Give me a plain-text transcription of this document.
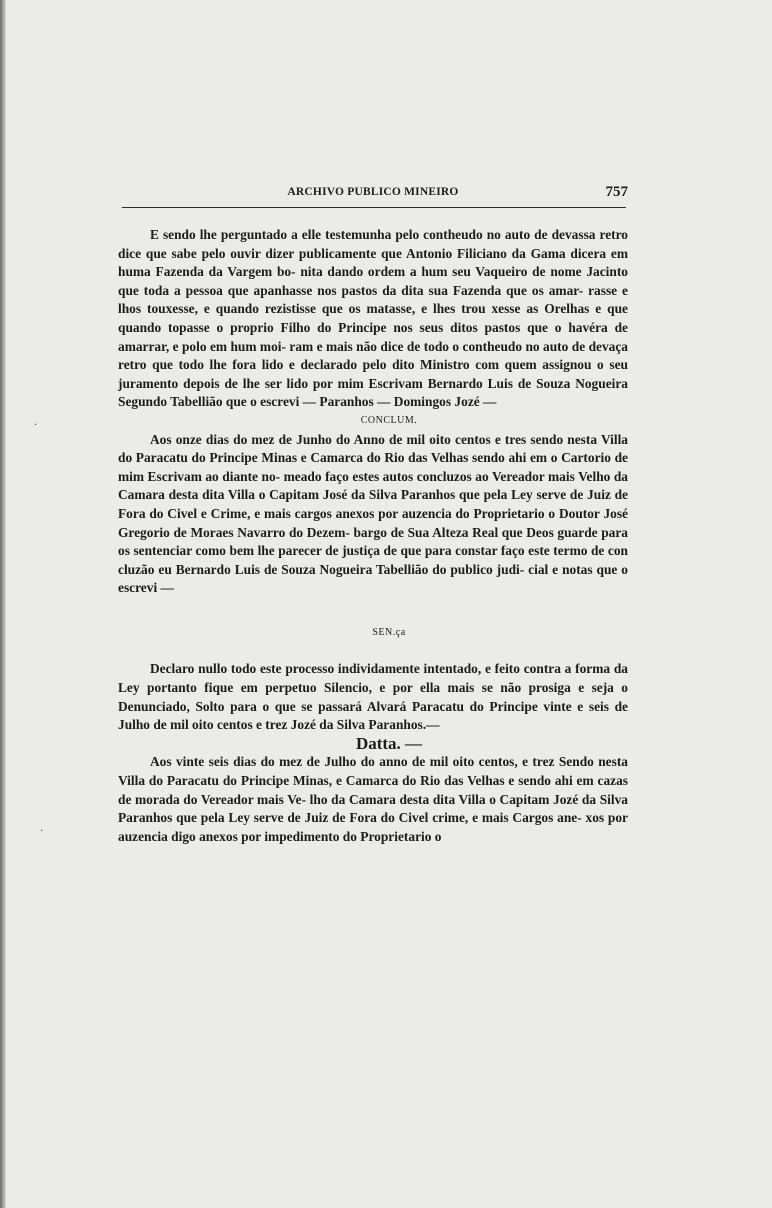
ARCHIVO PUBLICO MINEIRO	757
·
·

E sendo lhe perguntado a elle testemunha pelo contheudo no auto de devassa retro dice que sabe pelo ouvir dizer publicamente que Antonio Filiciano da Gama dicera em huma Fazenda da Vargem bo- nita dando ordem a hum seu Vaqueiro de nome Jacinto que toda a pessoa que apanhasse nos pastos da dita sua Fazenda que os amar- rasse e lhos touxesse, e quando rezistisse que os matasse, e lhes trou xesse as Orelhas e que quando topasse o proprio Filho do Principe nos seus ditos pastos que o havéra de amarrar, e polo em hum moi- ram e mais não dice de todo o contheudo no auto de devaça retro que todo lhe fora lido e declarado pelo dito Ministro com quem assignou o seu juramento depois de lhe ser lido por mim Escrivam Bernardo Luis de Souza Nogueira Segundo Tabellião que o escrevi — Paranhos — Domingos Jozé —

CONCLUM.

Aos onze dias do mez de Junho do Anno de mil oito centos e tres sendo nesta Villa do Paracatu do Principe Minas e Camarca do Rio das Velhas sendo ahi em o Cartorio de mim Escrivam ao diante no- meado faço estes autos concluzos ao Vereador mais Velho da Camara desta dita Villa o Capitam José da Silva Paranhos que pela Ley serve de Juiz de Fora do Civel e Crime, e mais cargos anexos por auzencia do Proprietario o Doutor José Gregorio de Moraes Navarro do Dezem- bargo de Sua Alteza Real que Deos guarde para os sentenciar como bem lhe parecer de justiça de que para constar faço este termo de con cluzão eu Bernardo Luis de Souza Nogueira Tabellião do publico judi- cial e notas que o escrevi —

SEN.ça

Declaro nullo todo este processo individamente intentado, e feito contra a forma da Ley portanto fique em perpetuo Silencio, e por ella mais se não prosiga e seja o Denunciado, Solto para o que se passará Alvará Paracatu do Principe vinte e seis de Julho de mil oito centos e trez Jozé da Silva Paranhos.—

Datta. —

Aos vinte seis dias do mez de Julho do anno de mil oito centos, e trez Sendo nesta Villa do Paracatu do Principe Minas, e Camarca do Rio das Velhas e sendo ahi em cazas de morada do Vereador mais Ve- lho da Camara desta dita Villa o Capitam Jozé da Silva Paranhos que pela Ley serve de Juiz de Fora do Civel crime, e mais Cargos ane- xos por auzencia digo anexos por impedimento do Proprietario o
